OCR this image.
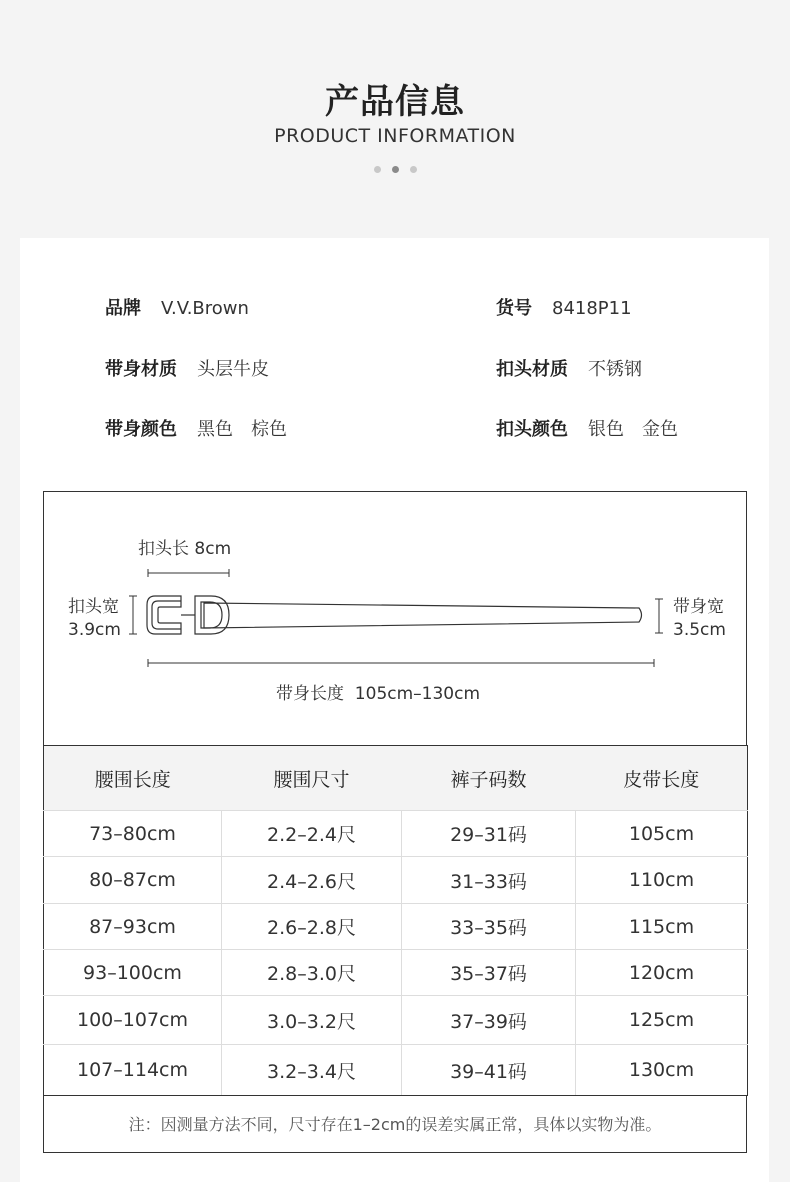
产品信息
PRODUCT INFORMATION
品牌 V.V.Brown	货号 8418P11
带身材质 头层牛皮	扣头材质 不锈钢
带身颜色 黑色 棕色	扣头颜色 银色 金色
扣头长 8cm
扣头宽
3.9cm
带身宽
3.5cm
带身长度  105cm–130cm
腰围长度	腰围尺寸	裤子码数	皮带长度
73–80cm	2.2–2.4尺	29–31码	105cm
80–87cm	2.4–2.6尺	31–33码	110cm
87–93cm	2.6–2.8尺	33–35码	115cm
93–100cm	2.8–3.0尺	35–37码	120cm
100–107cm	3.0–3.2尺	37–39码	125cm
107–114cm	3.2–3.4尺	39–41码	130cm
注：因测量方法不同，尺寸存在1–2cm的误差实属正常，具体以实物为准。
